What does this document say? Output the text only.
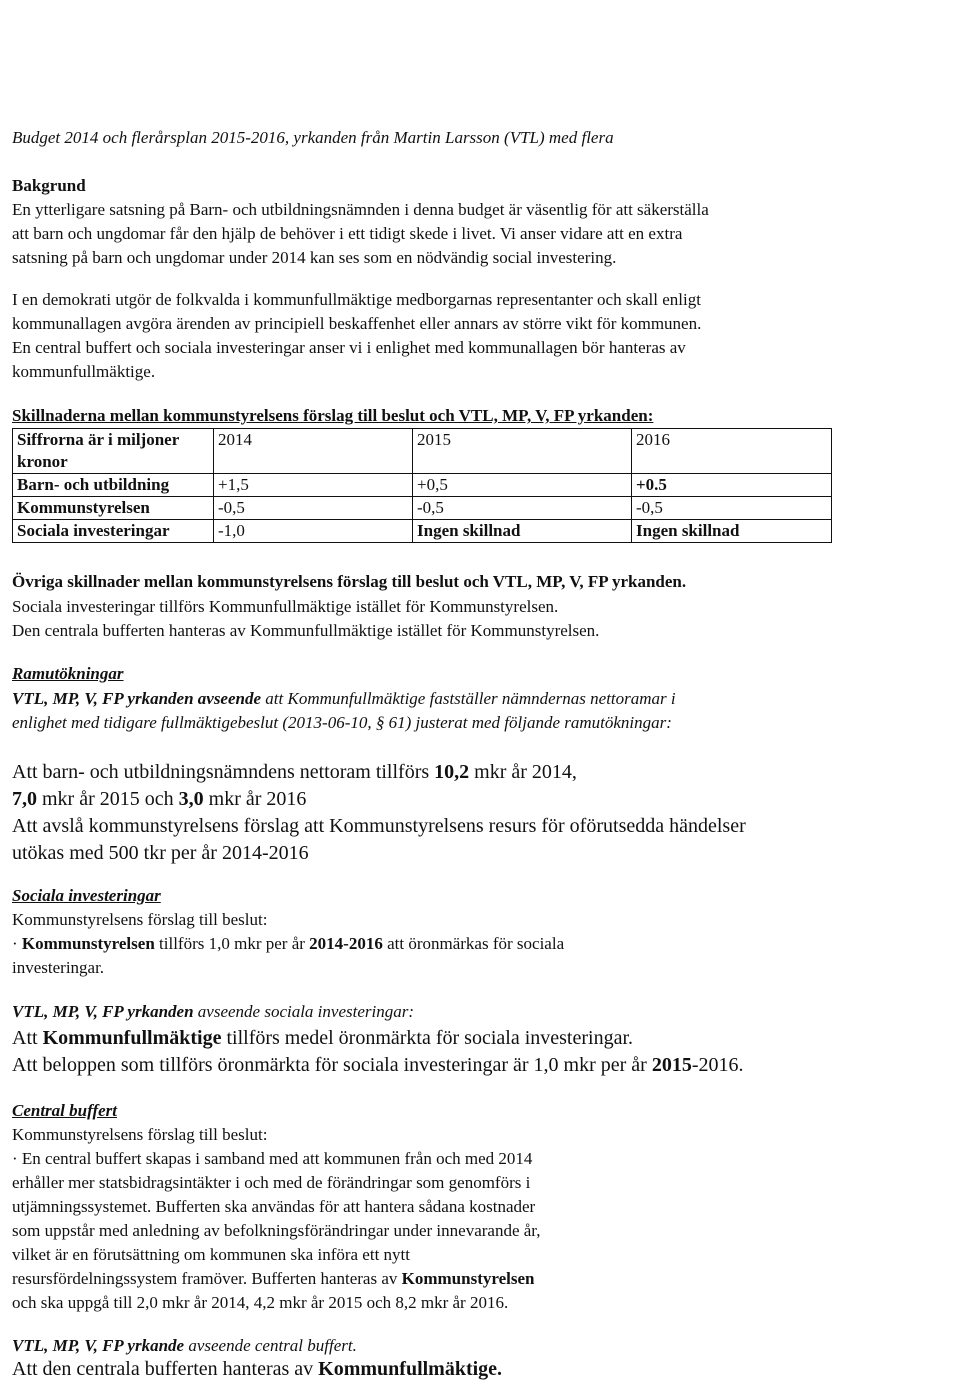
Budget 2014 och flerårsplan 2015-2016, yrkanden från Martin Larsson (VTL) med flera

Bakgrund

En ytterligare satsning på Barn- och utbildningsnämnden i denna budget är väsentlig för att säkerställa

att barn och ungdomar får den hjälp de behöver i ett tidigt skede i livet. Vi anser vidare att en extra

satsning på barn och ungdomar under 2014 kan ses som en nödvändig social investering.

I en demokrati utgör de folkvalda i kommunfullmäktige medborgarnas representanter och skall enligt

kommunallagen avgöra ärenden av principiell beskaffenhet eller annars av större vikt för kommunen.

En central buffert och sociala investeringar anser vi i enlighet med kommunallagen bör hanteras av

kommunfullmäktige.

Skillnaderna mellan kommunstyrelsens förslag till beslut och VTL, MP, V, FP yrkanden:

Siffrorna är i miljoner kronor	2014	2015	2016
Barn- och utbildning	+1,5	+0,5	+0.5
Kommunstyrelsen	-0,5	-0,5	-0,5
Sociala investeringar	-1,0	Ingen skillnad	Ingen skillnad

Övriga skillnader mellan kommunstyrelsens förslag till beslut och VTL, MP, V, FP yrkanden.

Sociala investeringar tillförs Kommunfullmäktige istället för Kommunstyrelsen.

Den centrala bufferten hanteras av Kommunfullmäktige istället för Kommunstyrelsen.

Ramutökningar

VTL, MP, V, FP yrkanden avseende att Kommunfullmäktige fastställer nämndernas nettoramar i

enlighet med tidigare fullmäktigebeslut (2013-06-10, § 61) justerat med följande ramutökningar:

Att barn- och utbildningsnämndens nettoram tillförs 10,2 mkr år 2014,

7,0 mkr år 2015 och 3,0 mkr år 2016

Att avslå kommunstyrelsens förslag att Kommunstyrelsens resurs för oförutsedda händelser

utökas med 500 tkr per år 2014-2016

Sociala investeringar

Kommunstyrelsens förslag till beslut:

· Kommunstyrelsen tillförs 1,0 mkr per år 2014-2016 att öronmärkas för sociala

investeringar.

VTL, MP, V, FP yrkanden avseende sociala investeringar:

Att Kommunfullmäktige tillförs medel öronmärkta för sociala investeringar.

Att beloppen som tillförs öronmärkta för sociala investeringar är 1,0 mkr per år 2015-2016.

Central buffert

Kommunstyrelsens förslag till beslut:

· En central buffert skapas i samband med att kommunen från och med 2014

erhåller mer statsbidragsintäkter i och med de förändringar som genomförs i

utjämningssystemet. Bufferten ska användas för att hantera sådana kostnader

som uppstår med anledning av befolkningsförändringar under innevarande år,

vilket är en förutsättning om kommunen ska införa ett nytt

resursfördelningssystem framöver. Bufferten hanteras av Kommunstyrelsen

och ska uppgå till 2,0 mkr år 2014, 4,2 mkr år 2015 och 8,2 mkr år 2016.

VTL, MP, V, FP yrkande avseende central buffert.

Att den centrala bufferten hanteras av Kommunfullmäktige.
